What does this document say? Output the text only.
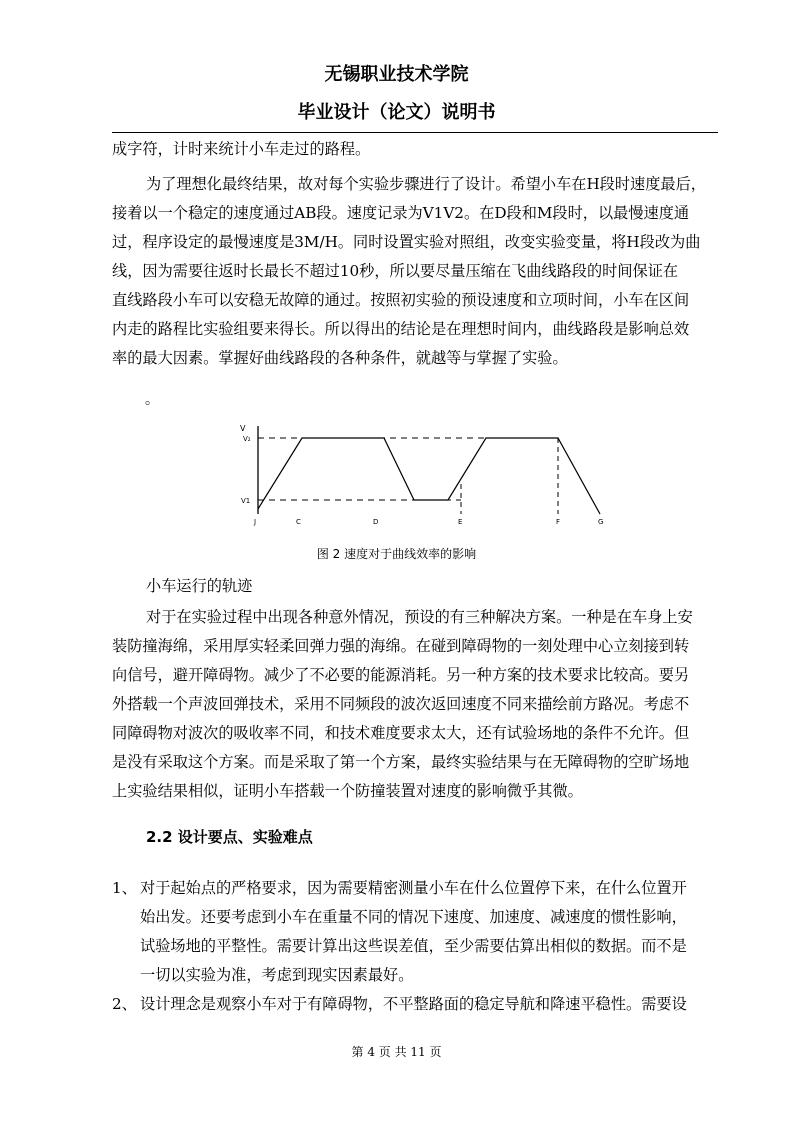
无锡职业技术学院
毕业设计（论文）说明书
成字符，计时来统计小车走过的路程。
为了理想化最终结果，故对每个实验步骤进行了设计。希望小车在H段时速度最后，
接着以一个稳定的速度通过AB段。速度记录为V1V2。在D段和M段时，以最慢速度通
过，程序设定的最慢速度是3M/H。同时设置实验对照组，改变实验变量，将H段改为曲
线，因为需要往返时长最长不超过10秒，所以要尽量压缩在飞曲线路段的时间保证在
直线路段小车可以安稳无故障的通过。按照初实验的预设速度和立项时间，小车在区间
内走的路程比实验组要来得长。所以得出的结论是在理想时间内，曲线路段是影响总效
率的最大因素。掌握好曲线路段的各种条件，就越等与掌握了实验。
。
V
V₂
V1
J	C	D	E	F	G
图 2 速度对于曲线效率的影响
小车运行的轨迹
对于在实验过程中出现各种意外情况，预设的有三种解决方案。一种是在车身上安
装防撞海绵，采用厚实轻柔回弹力强的海绵。在碰到障碍物的一刻处理中心立刻接到转
向信号，避开障碍物。减少了不必要的能源消耗。另一种方案的技术要求比较高。要另
外搭载一个声波回弹技术，采用不同频段的波次返回速度不同来描绘前方路况。考虑不
同障碍物对波次的吸收率不同，和技术难度要求太大，还有试验场地的条件不允许。但
是没有采取这个方案。而是采取了第一个方案，最终实验结果与在无障碍物的空旷场地
上实验结果相似，证明小车搭载一个防撞装置对速度的影响微乎其微。
2.2 设计要点、实验难点
1、 对于起始点的严格要求，因为需要精密测量小车在什么位置停下来，在什么位置开
始出发。还要考虑到小车在重量不同的情况下速度、加速度、减速度的惯性影响，
试验场地的平整性。需要计算出这些误差值，至少需要估算出相似的数据。而不是
一切以实验为准，考虑到现实因素最好。
2、 设计理念是观察小车对于有障碍物，不平整路面的稳定导航和降速平稳性。需要设
第 4 页 共 11 页
